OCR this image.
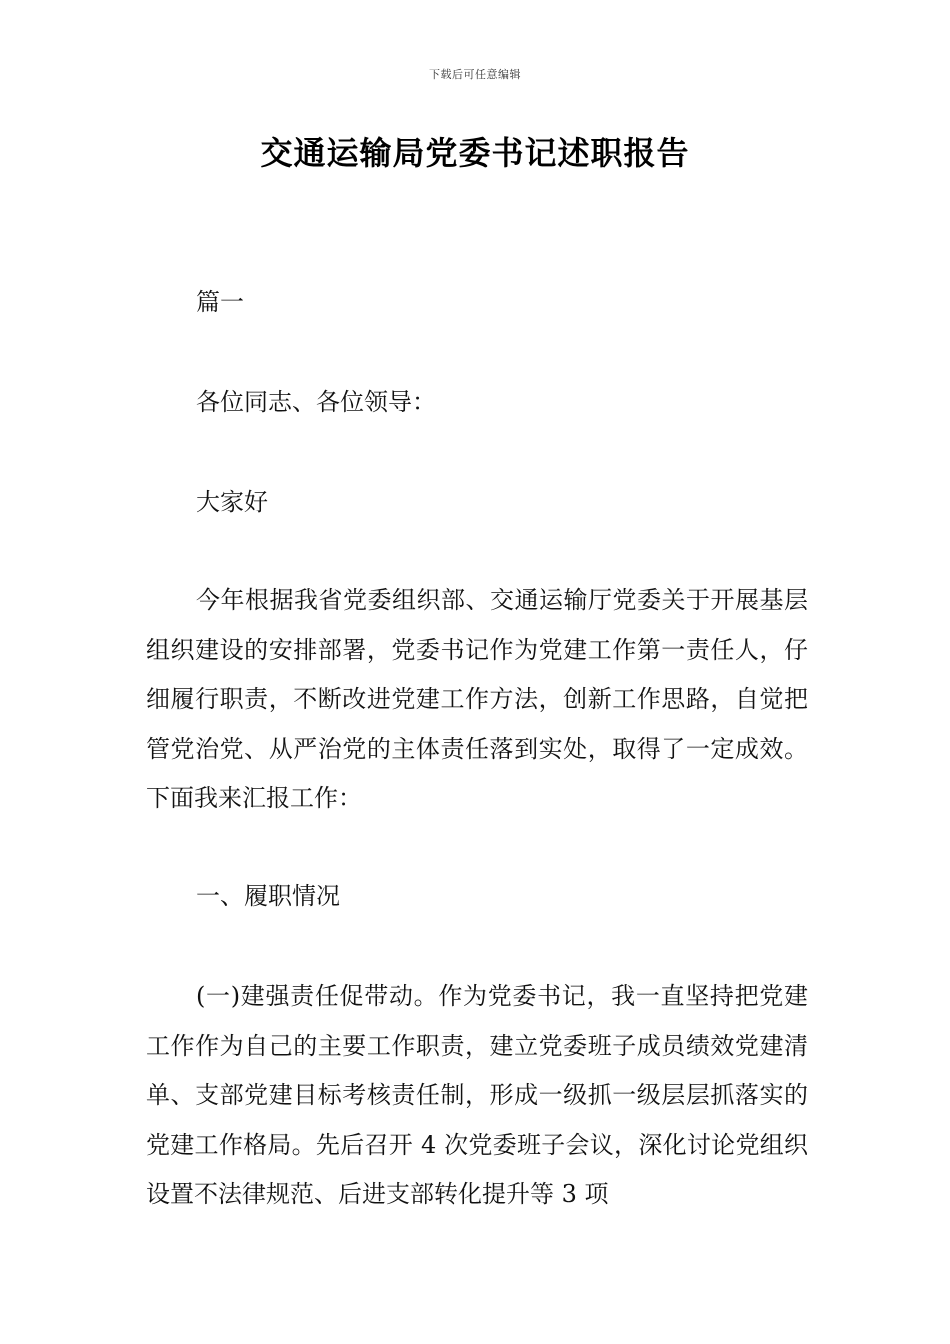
下载后可任意编辑
交通运输局党委书记述职报告

篇一

各位同志、各位领导：

大家好

今年根据我省党委组织部、交通运输厅党委关于开展基层组织建设的安排部署，党委书记作为党建工作第一责任人，仔细履行职责，不断改进党建工作方法，创新工作思路，自觉把管党治党、从严治党的主体责任落到实处，取得了一定成效。下面我来汇报工作：

一、履职情况

(一)建强责任促带动。作为党委书记，我一直坚持把党建工作作为自己的主要工作职责，建立党委班子成员绩效党建清单、支部党建目标考核责任制，形成一级抓一级层层抓落实的党建工作格局。先后召开 4 次党委班子会议，深化讨论党组织设置不法律规范、后进支部转化提升等 3 项
